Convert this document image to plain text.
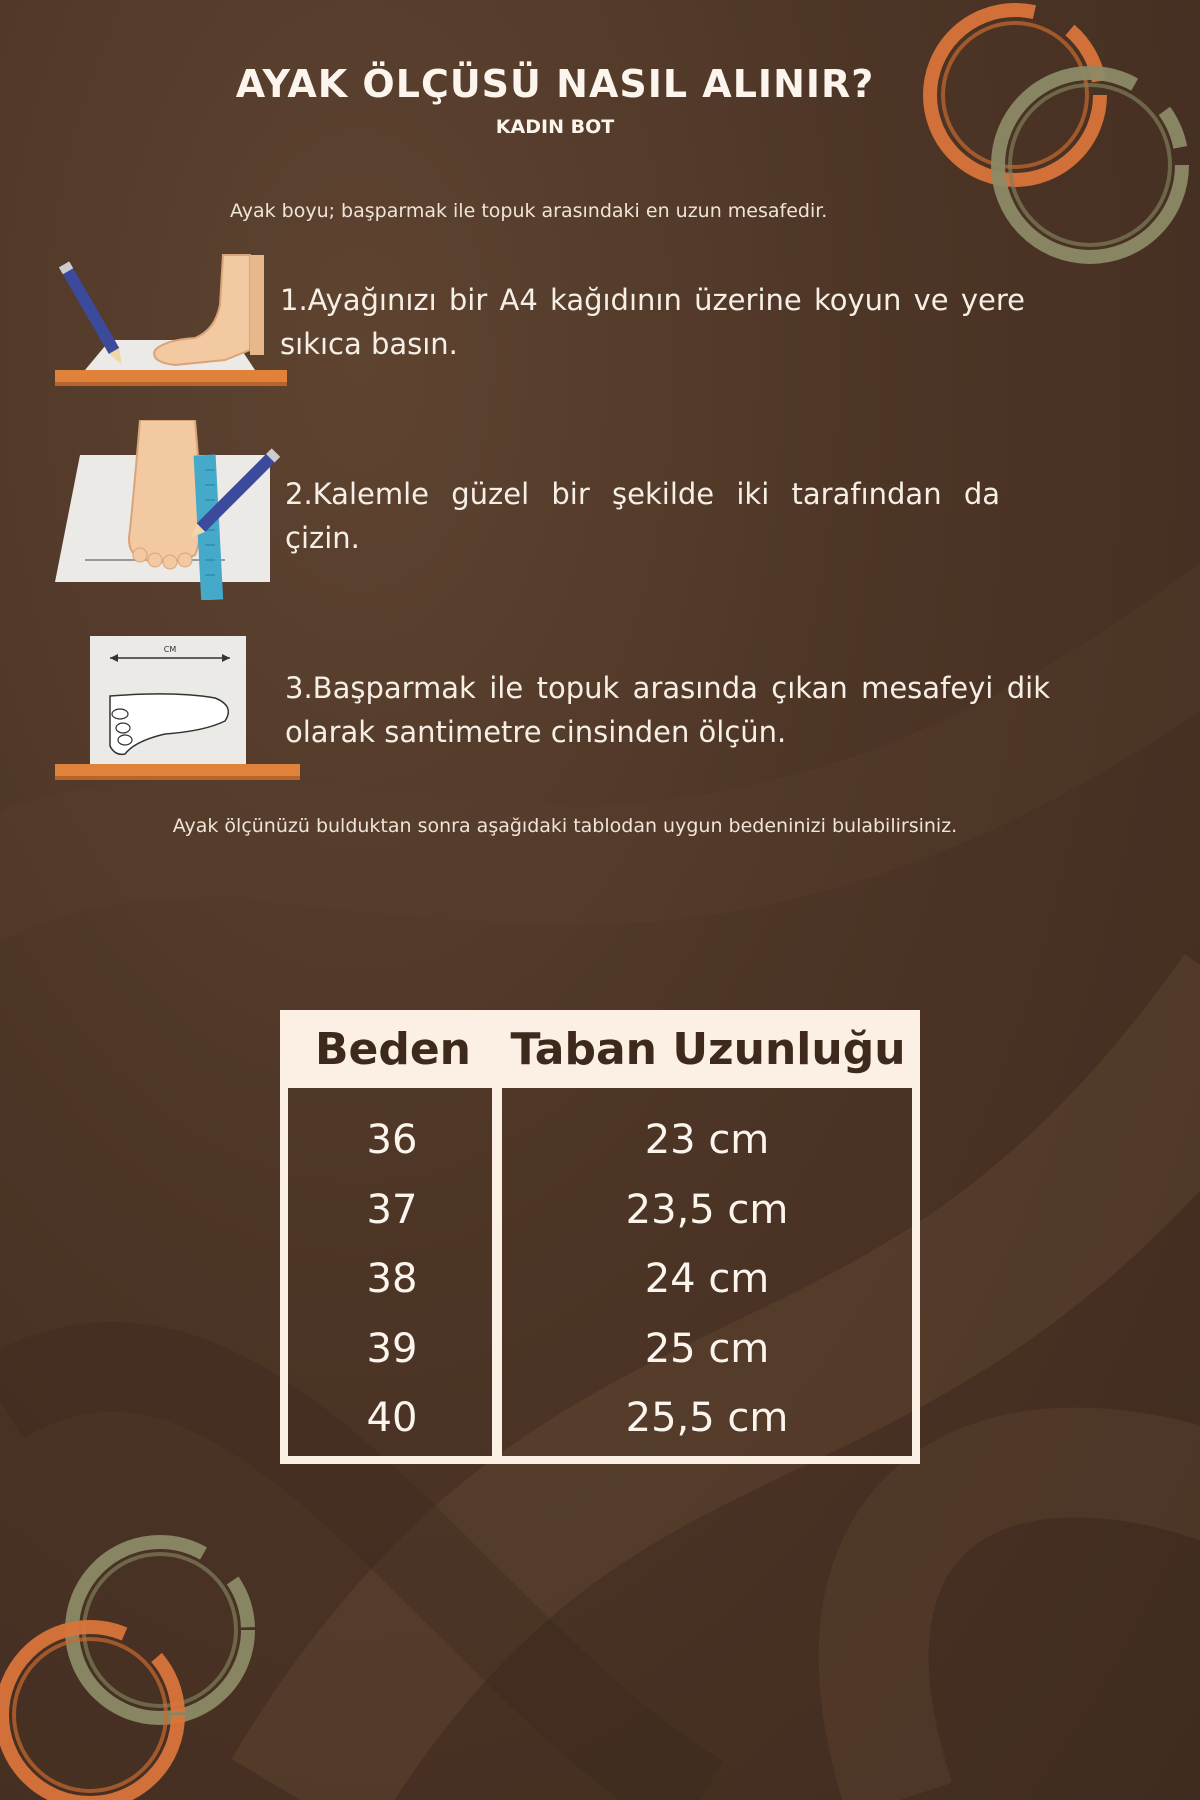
AYAK ÖLÇÜSÜ NASIL ALINIR?
KADIN BOT
Ayak boyu; başparmak ile topuk arasındaki en uzun mesafedir.
CM
1.Ayağınızı bir A4 kağıdının üzerine koyun ve yere sıkıca basın.
2.Kalemle güzel bir şekilde iki tarafından da çizin.
3.Başparmak ile topuk arasında çıkan mesafeyi dik olarak santimetre cinsinden ölçün.
Ayak ölçünüzü bulduktan sonra aşağıdaki tablodan uygun bedeninizi bulabilirsiniz.
Beden Taban Uzunluğu
36
37
38
39
40
23 cm
23,5 cm
24 cm
25 cm
25,5 cm
